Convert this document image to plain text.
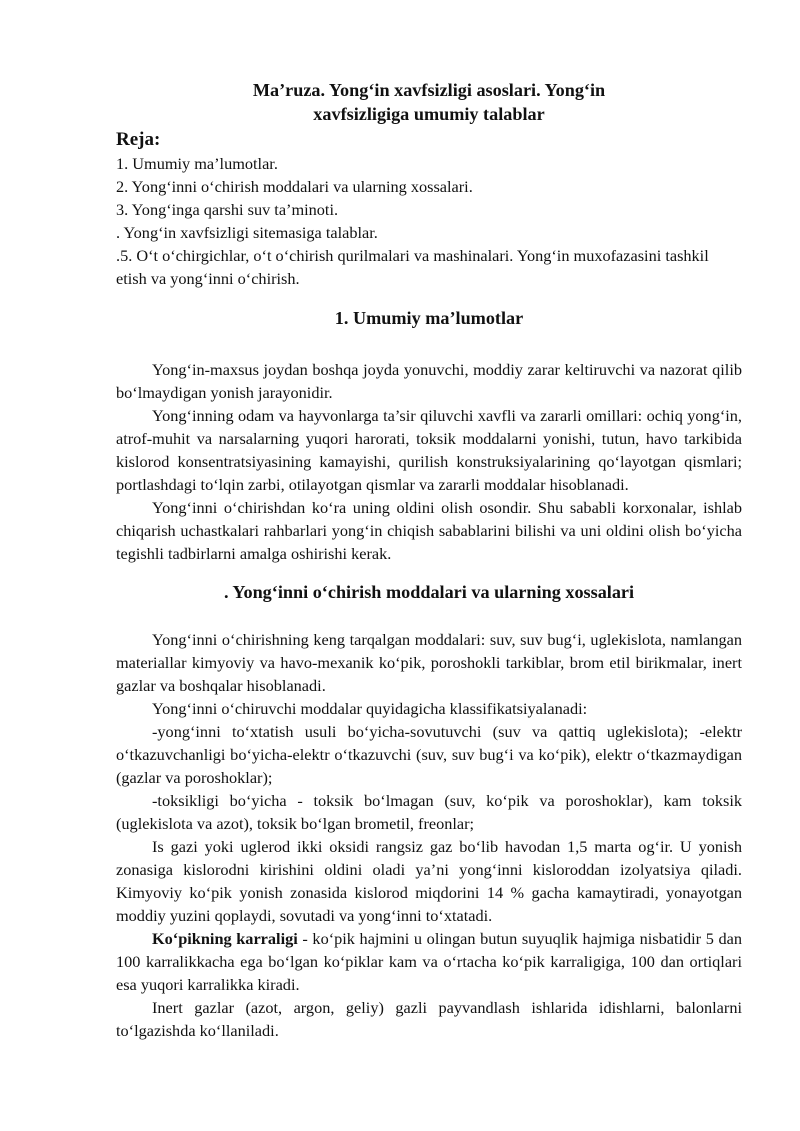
Ma’ruza. Yong‘in xavfsizligi asoslari. Yong‘in
xavfsizligiga umumiy talablar
Reja:
1. Umumiy ma’lumotlar.
2. Yong‘inni o‘chirish moddalari va ularning xossalari.
3. Yong‘inga qarshi suv ta’minoti.
. Yong‘in xavfsizligi sitemasiga talablar.
.5. O‘t o‘chirgichlar, o‘t o‘chirish qurilmalari va mashinalari. Yong‘in muxofazasini tashkil etish va yong‘inni o‘chirish.
1. Umumiy ma’lumotlar

Yong‘in-maxsus joydan boshqa joyda yonuvchi, moddiy zarar keltiruvchi va nazorat qilib bo‘lmaydigan yonish jarayonidir.

Yong‘inning odam va hayvonlarga ta’sir qiluvchi xavfli va zararli omillari: ochiq yong‘in, atrof-muhit va narsalarning yuqori harorati, toksik moddalarni yonishi, tutun, havo tarkibida kislorod konsentratsiyasining kamayishi, qurilish konstruksiyalarining qo‘layotgan qismlari; portlashdagi to‘lqin zarbi, otilayotgan qismlar va zararli moddalar hisoblanadi.

Yong‘inni o‘chirishdan ko‘ra uning oldini olish osondir. Shu sababli korxonalar, ishlab chiqarish uchastkalari rahbarlari yong‘in chiqish sabablarini bilishi va uni oldini olish bo‘yicha tegishli tadbirlarni amalga oshirishi kerak.

. Yong‘inni o‘chirish moddalari va ularning xossalari

Yong‘inni o‘chirishning keng tarqalgan moddalari: suv, suv bug‘i, uglekislota, namlangan materiallar kimyoviy va havo-mexanik ko‘pik, poroshokli tarkiblar, brom etil birikmalar, inert gazlar va boshqalar hisoblanadi.

Yong‘inni o‘chiruvchi moddalar quyidagicha klassifikatsiyalanadi:

-yong‘inni to‘xtatish usuli bo‘yicha-sovutuvchi (suv va qattiq uglekislota); -elektr o‘tkazuvchanligi bo‘yicha-elektr o‘tkazuvchi (suv, suv bug‘i va ko‘pik), elektr o‘tkazmaydigan (gazlar va poroshoklar);

-toksikligi bo‘yicha - toksik bo‘lmagan (suv, ko‘pik va poroshoklar), kam toksik (uglekislota va azot), toksik bo‘lgan brometil, freonlar;

Is gazi yoki uglerod ikki oksidi rangsiz gaz bo‘lib havodan 1,5 marta og‘ir. U yonish zonasiga kislorodni kirishini oldini oladi ya’ni yong‘inni kisloroddan izolyatsiya qiladi. Kimyoviy ko‘pik yonish zonasida kislorod miqdorini 14 % gacha kamaytiradi, yonayotgan moddiy yuzini qoplaydi, sovutadi va yong‘inni to‘xtatadi.

Ko‘pikning karraligi - ko‘pik hajmini u olingan butun suyuqlik hajmiga nisbatidir 5 dan 100 karralikkacha ega bo‘lgan ko‘piklar kam va o‘rtacha ko‘pik karraligiga, 100 dan ortiqlari esa yuqori karralikka kiradi.

Inert gazlar (azot, argon, geliy) gazli payvandlash ishlarida idishlarni, balonlarni to‘lgazishda ko‘llaniladi.
